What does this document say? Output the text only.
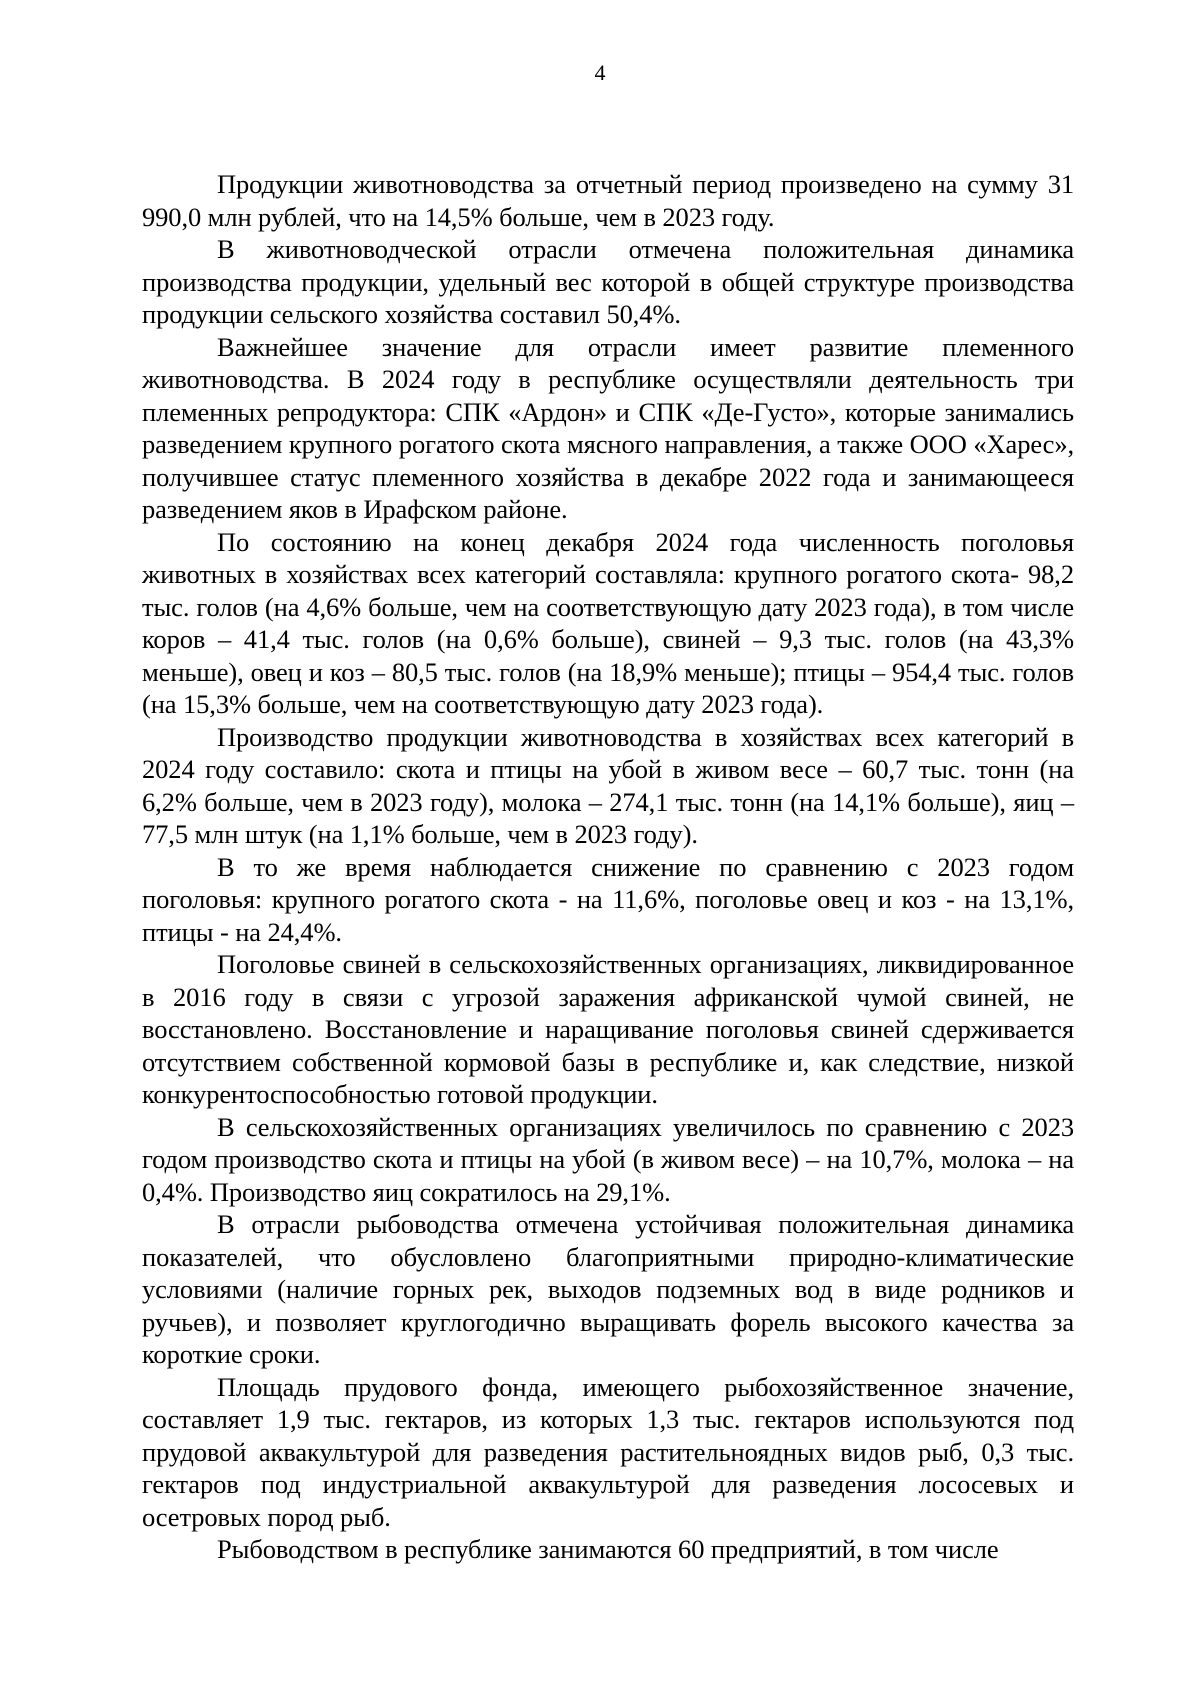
4

Продукции животноводства за отчетный период произведено на сумму 31 990,0 млн рублей, что на 14,5% больше, чем в 2023 году.

В животноводческой отрасли отмечена положительная динамика производства продукции, удельный вес которой в общей структуре производства продукции сельского хозяйства составил 50,4%.

Важнейшее значение для отрасли имеет развитие племенного животноводства. В 2024 году в республике осуществляли деятельность три племенных репродуктора: СПК «Ардон» и СПК «Де-Густо», которые занимались разведением крупного рогатого скота мясного направления, а также ООО «Харес», получившее статус племенного хозяйства в декабре 2022 года и занимающееся разведением яков в Ирафском районе.

По состоянию на конец декабря 2024 года численность поголовья животных в хозяйствах всех категорий составляла: крупного рогатого скота- 98,2 тыс. голов (на 4,6% больше, чем на соответствующую дату 2023 года), в том числе коров – 41,4 тыс. голов (на 0,6% больше), свиней – 9,3 тыс. голов (на 43,3% меньше), овец и коз – 80,5 тыс. голов (на 18,9% меньше); птицы – 954,4 тыс. голов (на 15,3% больше, чем на соответствующую дату 2023 года).

Производство продукции животноводства в хозяйствах всех категорий в 2024 году составило: скота и птицы на убой в живом весе – 60,7 тыс. тонн (на 6,2% больше, чем в 2023 году), молока – 274,1 тыс. тонн (на 14,1% больше), яиц – 77,5 млн штук (на 1,1% больше, чем в 2023 году).

В то же время наблюдается снижение по сравнению с 2023 годом поголовья: крупного рогатого скота - на 11,6%, поголовье овец и коз - на 13,1%, птицы - на 24,4%.

Поголовье свиней в сельскохозяйственных организациях, ликвидированное в 2016 году в связи с угрозой заражения африканской чумой свиней, не восстановлено. Восстановление и наращивание поголовья свиней сдерживается отсутствием собственной кормовой базы в республике и, как следствие, низкой конкурентоспособностью готовой продукции.

В сельскохозяйственных организациях увеличилось по сравнению с 2023 годом производство скота и птицы на убой (в живом весе) – на 10,7%, молока – на 0,4%. Производство яиц сократилось на 29,1%.

В отрасли рыбоводства отмечена устойчивая положительная динамика показателей, что обусловлено благоприятными природно-климатические условиями (наличие горных рек, выходов подземных вод в виде родников и ручьев), и позволяет круглогодично выращивать форель высокого качества за короткие сроки.

Площадь прудового фонда, имеющего рыбохозяйственное значение, составляет 1,9 тыс. гектаров, из которых 1,3 тыс. гектаров используются под прудовой аквакультурой для разведения растительноядных видов рыб, 0,3 тыс. гектаров под индустриальной аквакультурой для разведения лососевых и осетровых пород рыб.

Рыбоводством в республике занимаются 60 предприятий, в том числе
